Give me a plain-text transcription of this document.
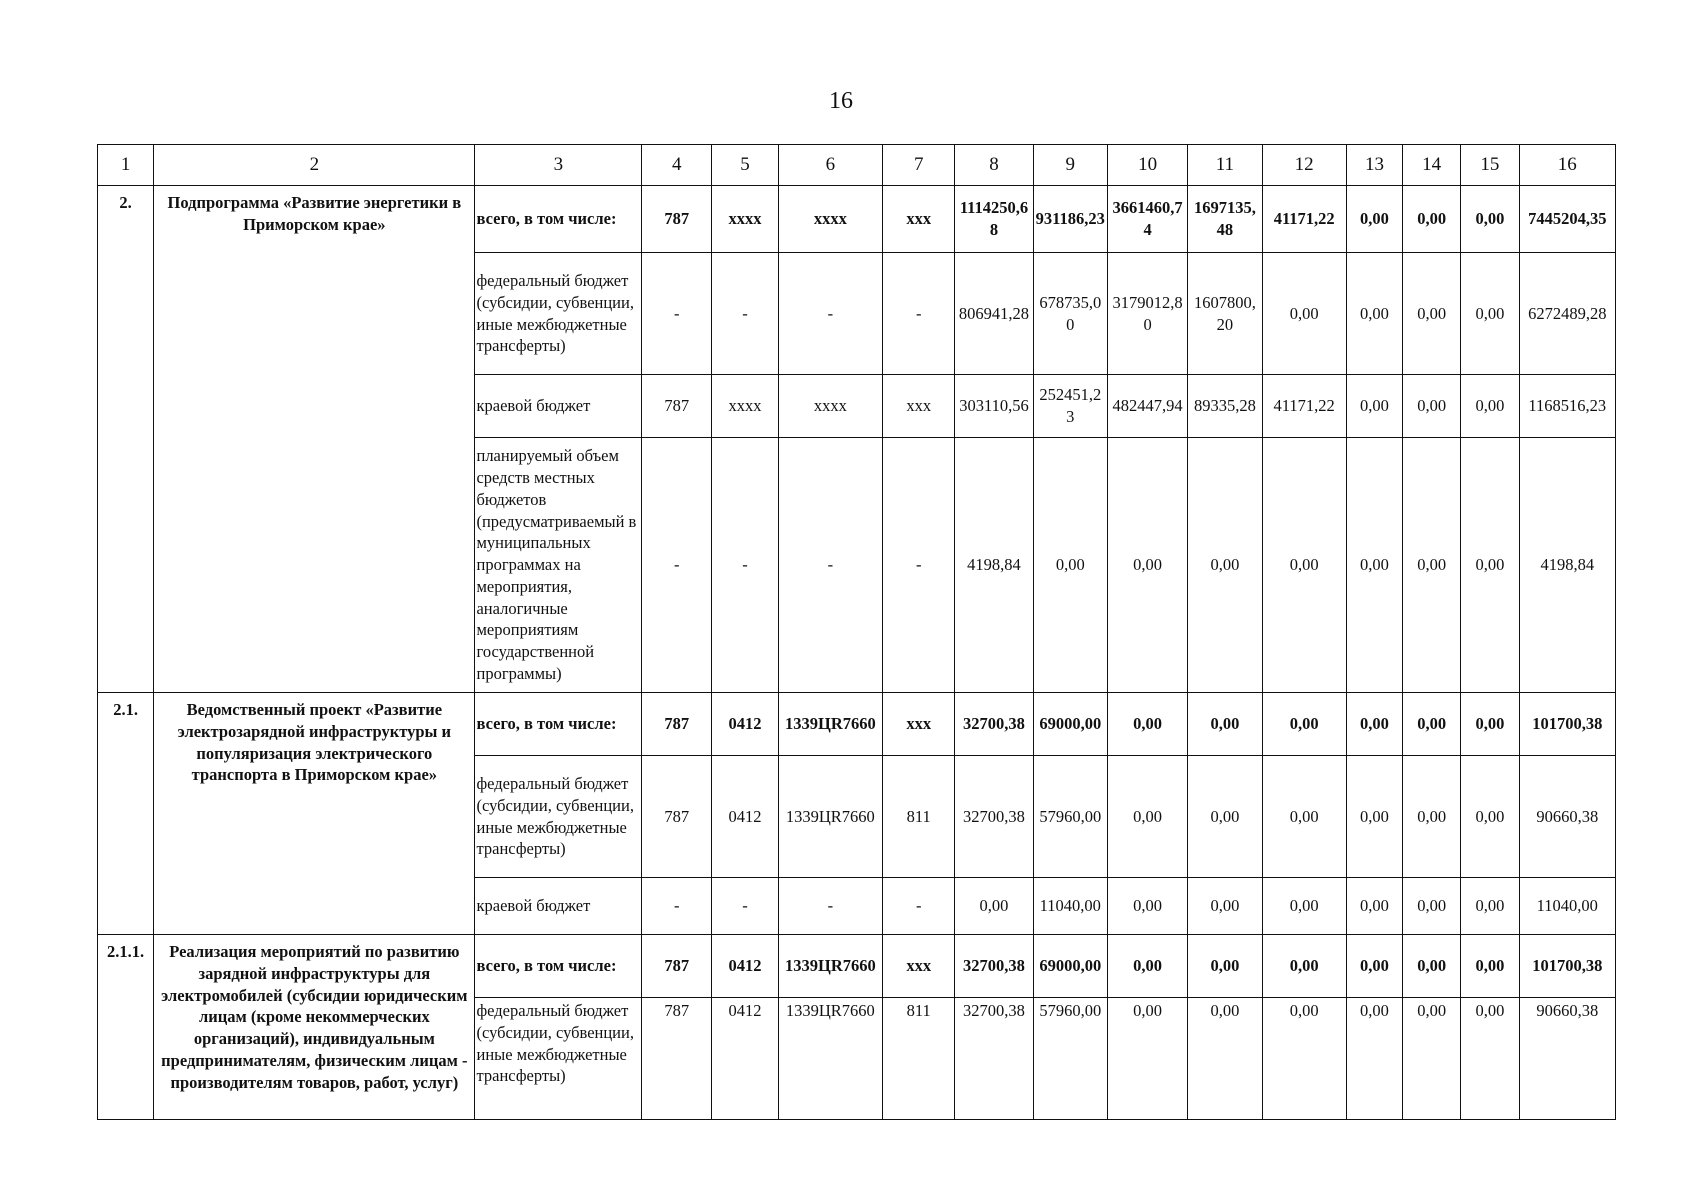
16
1	2	3	4	5	6	7	8	9	10	11	12	13	14	15	16
2.	Подпрограмма «Развитие энергетики в Приморском крае»	всего, в том числе:	787	хххх	хххх	ххх	1114250,68	931186,23	3661460,74	1697135,48	41171,22	0,00	0,00	0,00	7445204,35
		федеральный бюджет (субсидии, субвенции, иные межбюджетные трансферты)	-	-	-	-	806941,28	678735,00	3179012,80	1607800,20	0,00	0,00	0,00	0,00	6272489,28
		краевой бюджет	787	хххх	хххх	ххх	303110,56	252451,23	482447,94	89335,28	41171,22	0,00	0,00	0,00	1168516,23
		планируемый объем средств местных бюджетов (предусматриваемый в муниципальных программах на мероприятия, аналогичные мероприятиям государственной программы)	-	-	-	-	4198,84	0,00	0,00	0,00	0,00	0,00	0,00	0,00	4198,84
2.1.	Ведомственный проект «Развитие электрозарядной инфраструктуры и популяризация электрического транспорта в Приморском крае»	всего, в том числе:	787	0412	1339ЦR7660	ххх	32700,38	69000,00	0,00	0,00	0,00	0,00	0,00	0,00	101700,38
		федеральный бюджет (субсидии, субвенции, иные межбюджетные трансферты)	787	0412	1339ЦR7660	811	32700,38	57960,00	0,00	0,00	0,00	0,00	0,00	0,00	90660,38
		краевой бюджет	-	-	-	-	0,00	11040,00	0,00	0,00	0,00	0,00	0,00	0,00	11040,00
2.1.1.	Реализация мероприятий по развитию зарядной инфраструктуры для электромобилей (субсидии юридическим лицам (кроме некоммерческих организаций), индивидуальным предпринимателям, физическим лицам - производителям товаров, работ, услуг)	всего, в том числе:	787	0412	1339ЦR7660	ххх	32700,38	69000,00	0,00	0,00	0,00	0,00	0,00	0,00	101700,38
		федеральный бюджет (субсидии, субвенции, иные межбюджетные трансферты)	787	0412	1339ЦR7660	811	32700,38	57960,00	0,00	0,00	0,00	0,00	0,00	0,00	90660,38
